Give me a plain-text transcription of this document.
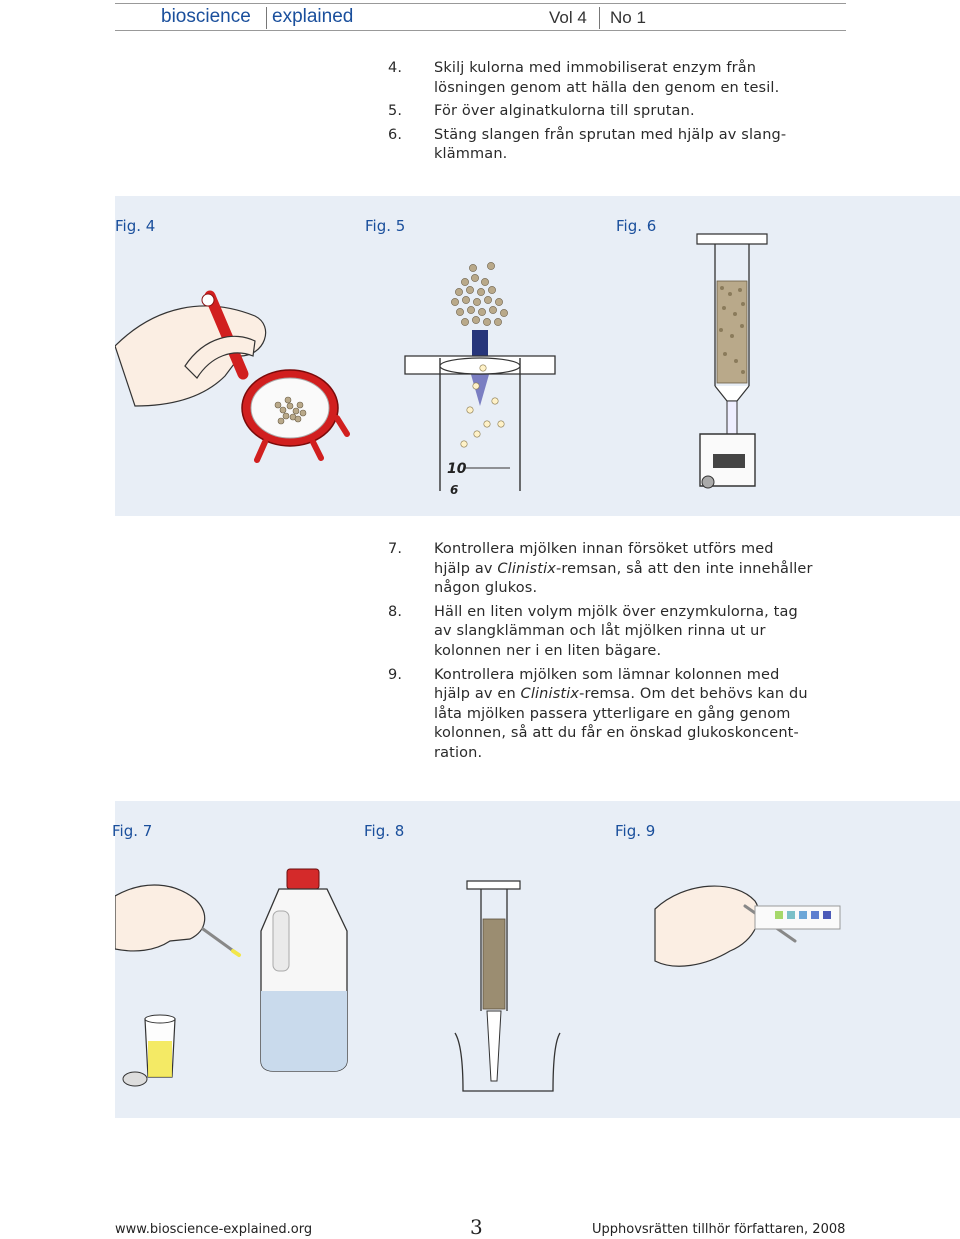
bioscience explained	Vol 4 No 1

4. Skilj kulorna med immobiliserat enzym från
lösningen genom att hälla den genom en tesil.

5. För över alginatkulorna till sprutan.

6. Stäng slangen från sprutan med hjälp av slang-
klämman.

Fig. 4	Fig. 5	Fig. 6
10
6

7. Kontrollera mjölken innan försöket utförs med
hjälp av Clinistix-remsan, så att den inte innehåller
någon glukos.

8. Häll en liten volym mjölk över enzymkulorna, tag
av slangklämman och låt mjölken rinna ut ur
kolonnen ner i en liten bägare.

9. Kontrollera mjölken som lämnar kolonnen med
hjälp av en Clinistix-remsa. Om det behövs kan du
låta mjölken passera ytterligare en gång genom
kolonnen, så att du får en önskad glukoskoncent-
ration.

Fig. 7	Fig. 8	Fig. 9
www.bioscience-explained.org	3	Upphovsrätten tillhör författaren, 2008
